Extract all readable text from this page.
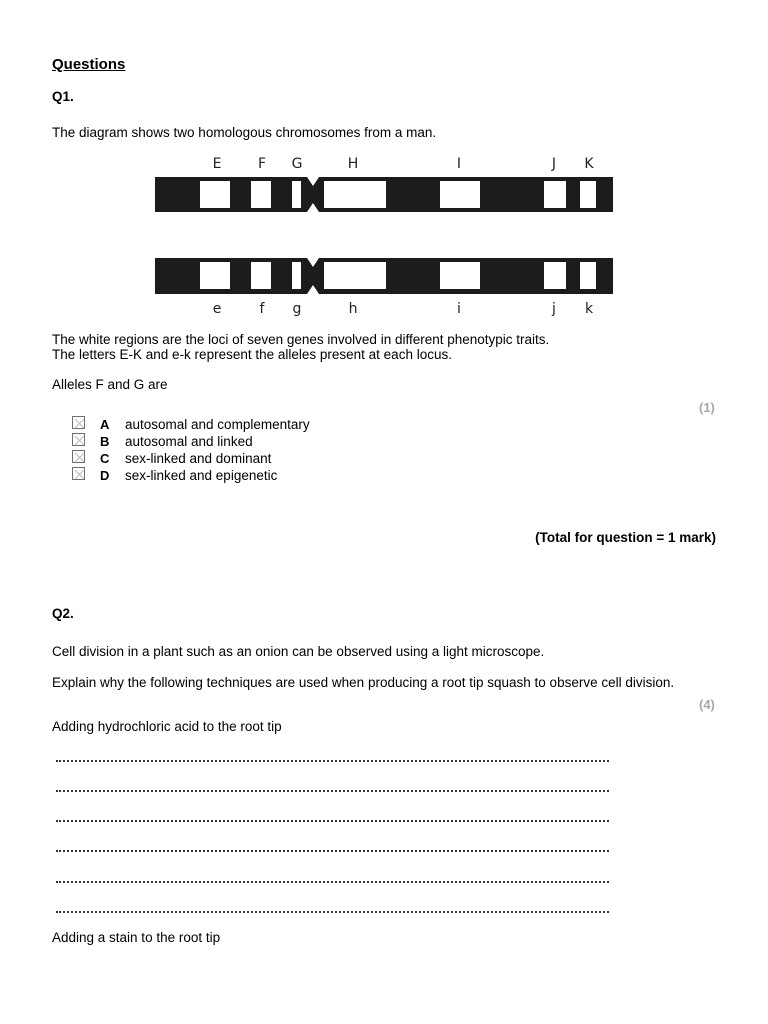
Questions
Q1.
The diagram shows two homologous chromosomes from a man.
E	F G	H	I	J K
e	f g	h	i	j k
The white regions are the loci of seven genes involved in different phenotypic traits.
The letters E-K and e-k represent the alleles present at each locus.
Alleles F and G are
(1)
A autosomal and complementary
B autosomal and linked
C sex-linked and dominant
D sex-linked and epigenetic
(Total for question = 1 mark)
Q2.
Cell division in a plant such as an onion can be observed using a light microscope.
Explain why the following techniques are used when producing a root tip squash to observe cell division.
(4)
Adding hydrochloric acid to the root tip
Adding a stain to the root tip
